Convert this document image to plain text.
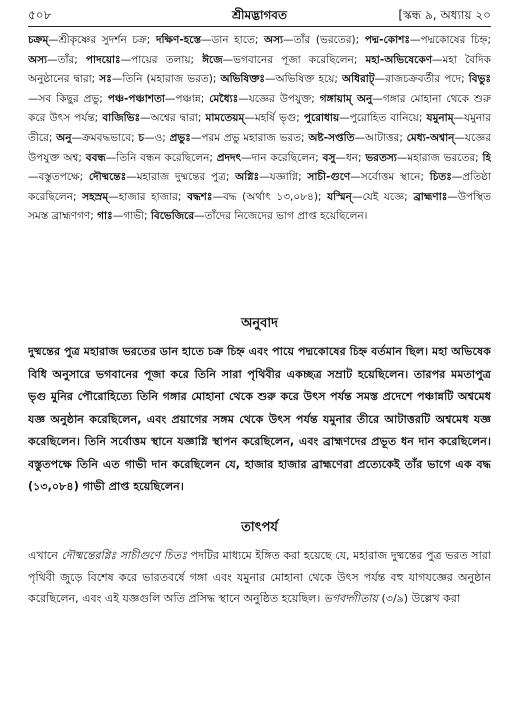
৫০৮	শ্রীমদ্ভাগবত	[স্কন্ধ ৯, অধ্যায় ২০
চক্রম্—শ্রীকৃষ্ণের সুদর্শন চক্র; দক্ষিণ-হস্তে—ডান হাতে; অস্য—তাঁর (ভরতের); পদ্ম-কোশঃ—পদ্মকোষের চিহ্ন; অস্য—তাঁর; পাদয়োঃ—পায়ের তলায়; ঈজে—ভগবানের পূজা করেছিলেন; মহা-অভিষেকেণ—মহা বৈদিক অনুষ্ঠানের দ্বারা; সঃ—তিনি (মহারাজ ভরত); অভিষিক্তঃ—অভিষিক্ত হয়ে; অধিরাট্—রাজচক্রবর্তীর পদে; বিভুঃ—সব কিছুর প্রভু; পঞ্চ-পঞ্চাশতা—পঞ্চান্ন; মেধ্যৈঃ—যজ্ঞের উপযুক্ত; গঙ্গায়াম্ অনু—গঙ্গার মোহানা থেকে শুরু করে উৎস পর্যন্ত; বাজিভিঃ—অশ্বের দ্বারা; মামতেয়ম্—মহর্ষি ভৃগু; পুরোধায়—পুরোহিত বানিয়ে; যমুনাম্—যমুনার তীরে; অনু—ক্রমবদ্ধভাবে; চ—ও; প্রভুঃ—পরম প্রভু মহারাজ ভরত; অষ্ট-সপ্ততি—আটাত্তর; মেধ্য-অশ্বান্—যজ্ঞের উপযুক্ত অশ্ব; ববন্ধ—তিনি বন্ধন করেছিলেন; প্রদদৎ—দান করেছিলেন; বসু—ধন; ভরতস্য—মহারাজ ভরতের; হি—বস্তুতপক্ষে; দৌষ্মন্তেঃ—মহারাজ দুষ্মন্তের পুত্র; অগ্নিঃ—যজ্ঞাগ্নি; সাচী-গুণে—সর্বোত্তম স্থানে; চিতঃ—প্রতিষ্ঠা করেছিলেন; সহস্রম্—হাজার হাজার; বদ্ধশঃ—বদ্ধ (অর্থাৎ ১৩,০৮৪); যস্মিন্—যেই যজ্ঞে; ব্রাহ্মণাঃ—উপস্থিত সমস্ত ব্রাহ্মণগণ; গাঃ—গাভী; বিভেজিরে—তাঁদের নিজেদের ভাগ প্রাপ্ত হয়েছিলেন।
অনুবাদ
দুষ্মন্তের পুত্র মহারাজ ভরতের ডান হাতে চক্র চিহ্ন এবং পায়ে পদ্মকোষের চিহ্ন বর্তমান ছিল। মহা অভিষেক বিধি অনুসারে ভগবানের পূজা করে তিনি সারা পৃথিবীর একচ্ছত্র সম্রাট হয়েছিলেন। তারপর মমতাপুত্র ভৃগু মুনির পৌরোহিত্যে তিনি গঙ্গার মোহানা থেকে শুরু করে উৎস পর্যন্ত সমস্ত প্রদেশে পঞ্চান্নটি অশ্বমেধ যজ্ঞ অনুষ্ঠান করেছিলেন, এবং প্রয়াগের সঙ্গম থেকে উৎস পর্যন্ত যমুনার তীরে আটাত্তরটি অশ্বমেধ যজ্ঞ করেছিলেন। তিনি সর্বোত্তম স্থানে যজ্ঞাগ্নি স্থাপন করেছিলেন, এবং ব্রাহ্মণদের প্রভূত ধন দান করেছিলেন। বস্তুতপক্ষে তিনি এত গাভী দান করেছিলেন যে, হাজার হাজার ব্রাহ্মণেরা প্রত্যেকেই তাঁর ভাগে এক বদ্ধ (১৩,০৮৪) গাভী প্রাপ্ত হয়েছিলেন।
তাৎপর্য
এখানে দৌষ্মন্তেরগ্নিঃ সাচীগুণে চিতঃ পদটির মাধ্যমে ইঙ্গিত করা হয়েছে যে, মহারাজ দুষ্মন্তের পুত্র ভরত সারা পৃথিবী জুড়ে বিশেষ করে ভারতবর্ষে গঙ্গা এবং যমুনার মোহানা থেকে উৎস পর্যন্ত বহু যাগযজ্ঞের অনুষ্ঠান করেছিলেন, এবং এই যজ্ঞগুলি অতি প্রসিদ্ধ স্থানে অনুষ্ঠিত হয়েছিল। ভগবদ্গীতায় (৩/৯) উল্লেখ করা
